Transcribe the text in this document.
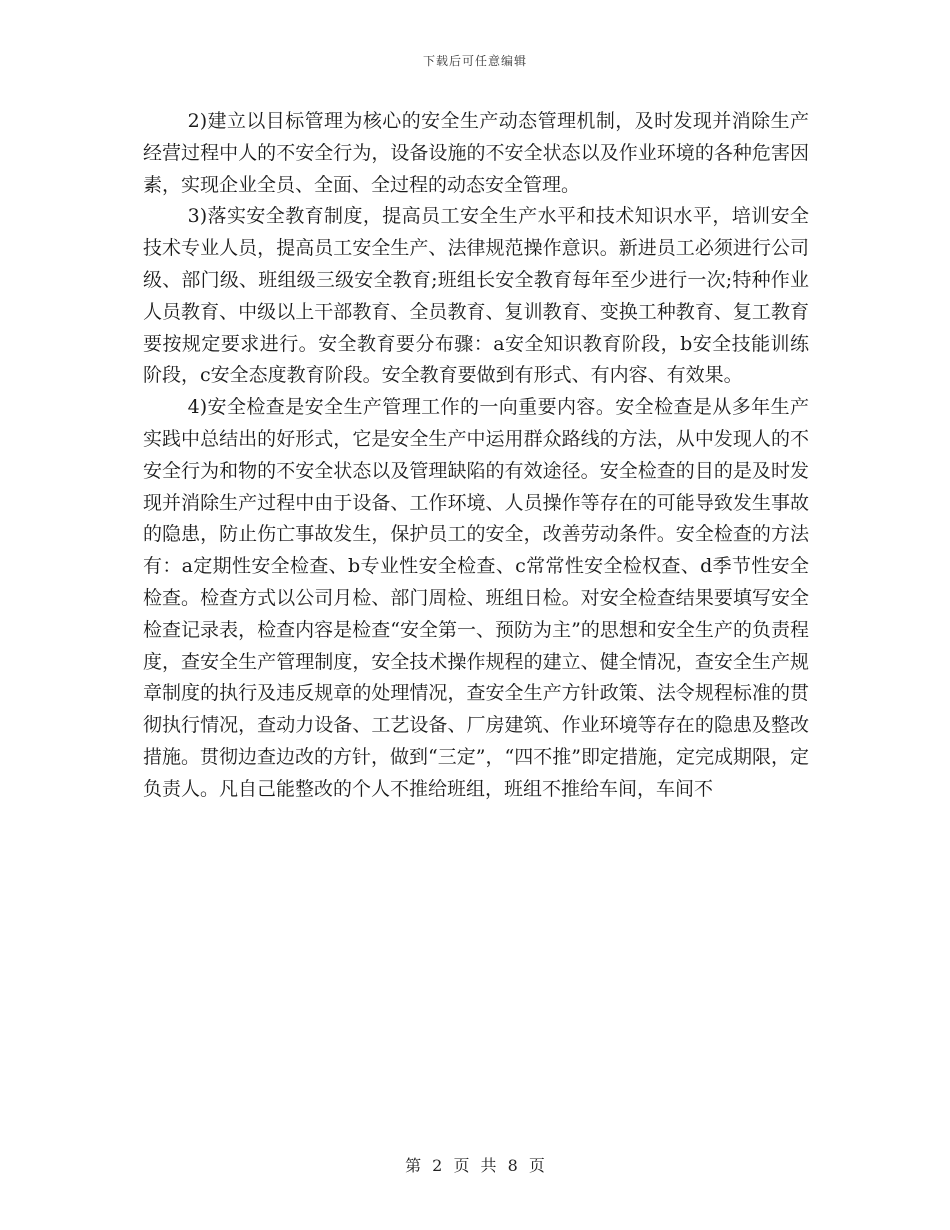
下载后可任意编辑

2)建立以目标管理为核心的安全生产动态管理机制，及时发现并消除生产经营过程中人的不安全行为，设备设施的不安全状态以及作业环境的各种危害因素，实现企业全员、全面、全过程的动态安全管理。

3)落实安全教育制度，提高员工安全生产水平和技术知识水平，培训安全技术专业人员，提高员工安全生产、法律规范操作意识。新进员工必须进行公司级、部门级、班组级三级安全教育;班组长安全教育每年至少进行一次;特种作业人员教育、中级以上干部教育、全员教育、复训教育、变换工种教育、复工教育要按规定要求进行。安全教育要分布骤：a安全知识教育阶段，b安全技能训练阶段，c安全态度教育阶段。安全教育要做到有形式、有内容、有效果。

4)安全检查是安全生产管理工作的一向重要内容。安全检查是从多年生产实践中总结出的好形式，它是安全生产中运用群众路线的方法，从中发现人的不安全行为和物的不安全状态以及管理缺陷的有效途径。安全检查的目的是及时发现并消除生产过程中由于设备、工作环境、人员操作等存在的可能导致发生事故的隐患，防止伤亡事故发生，保护员工的安全，改善劳动条件。安全检查的方法有：a定期性安全检查、b专业性安全检查、c常常性安全检权查、d季节性安全检查。检查方式以公司月检、部门周检、班组日检。对安全检查结果要填写安全检查记录表，检查内容是检查“安全第一、预防为主”的思想和安全生产的负责程度，查安全生产管理制度，安全技术操作规程的建立、健全情况，查安全生产规章制度的执行及违反规章的处理情况，查安全生产方针政策、法令规程标准的贯彻执行情况，查动力设备、工艺设备、厂房建筑、作业环境等存在的隐患及整改措施。贯彻边查边改的方针，做到“三定”，“四不推”即定措施，定完成期限，定负责人。凡自己能整改的个人不推给班组，班组不推给车间，车间不

第 2 页 共 8 页
